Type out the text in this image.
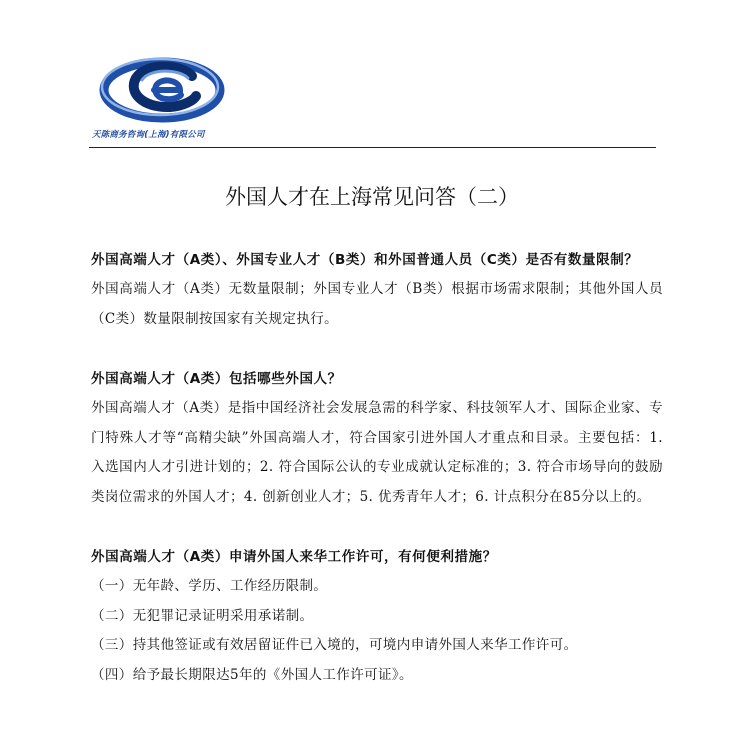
天陈商务咨询(上海)有限公司
外国人才在上海常见问答（二）

外国高端人才（A类）、外国专业人才（B类）和外国普通人员（C类）是否有数量限制？

外国高端人才（A类）无数量限制；外国专业人才（B类）根据市场需求限制；其他外国人员（C类）数量限制按国家有关规定执行。

外国高端人才（A类）包括哪些外国人？

外国高端人才（A类）是指中国经济社会发展急需的科学家、科技领军人才、国际企业家、专门特殊人才等“高精尖缺”外国高端人才，符合国家引进外国人才重点和目录。主要包括：1. 入选国内人才引进计划的；2. 符合国际公认的专业成就认定标准的；3. 符合市场导向的鼓励类岗位需求的外国人才；4. 创新创业人才；5. 优秀青年人才；6. 计点积分在85分以上的。

外国高端人才（A类）申请外国人来华工作许可，有何便利措施？

（一）无年龄、学历、工作经历限制。

（二）无犯罪记录证明采用承诺制。

（三）持其他签证或有效居留证件已入境的，可境内申请外国人来华工作许可。

（四）给予最长期限达5年的《外国人工作许可证》。
